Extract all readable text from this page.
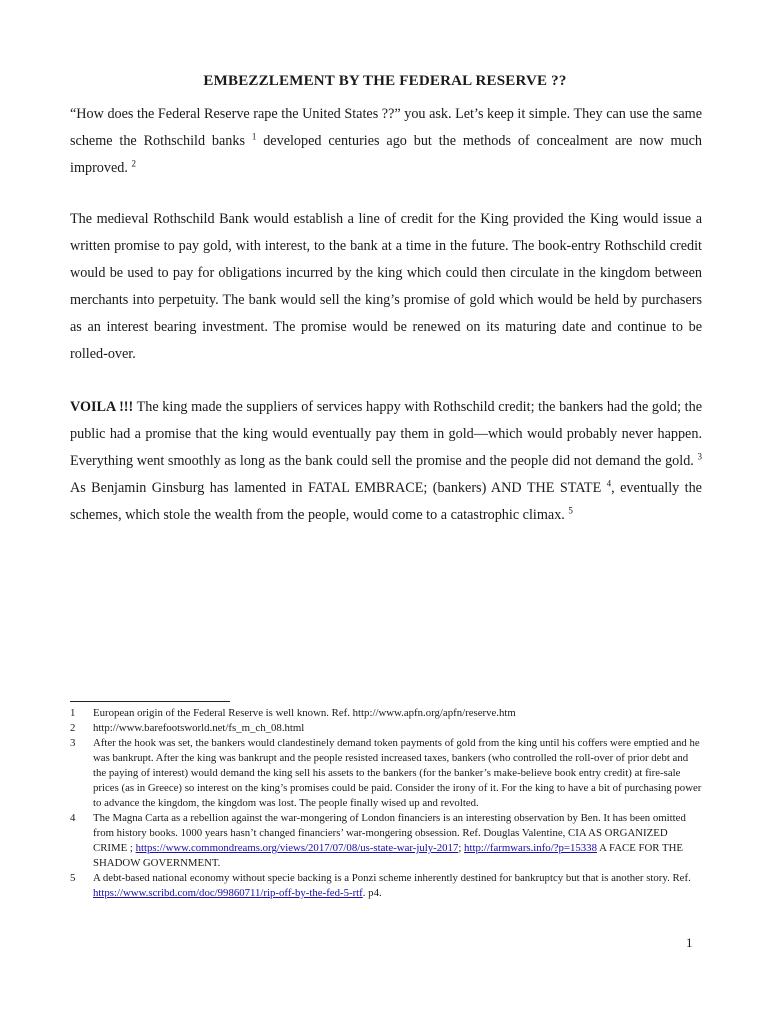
EMBEZZLEMENT BY THE FEDERAL RESERVE ??
“How does the Federal Reserve rape the United States ??” you ask. Let’s keep it simple. They can use the same scheme the Rothschild banks $^1$ developed centuries ago but the methods of concealment are now much improved. $^2$
The medieval Rothschild Bank would establish a line of credit for the King provided the King would issue a written promise to pay gold, with interest, to the bank at a time in the future. The book-entry Rothschild credit would be used to pay for obligations incurred by the king which could then circulate in the kingdom between merchants into perpetuity. The bank would sell the king’s promise of gold which would be held by purchasers as an interest bearing investment. The promise would be renewed on its maturing date and continue to be rolled-over.
VOILA !!! The king made the suppliers of services happy with Rothschild credit; the bankers had the gold; the public had a promise that the king would eventually pay them in gold—which would probably never happen. Everything went smoothly as long as the bank could sell the promise and the people did not demand the gold. $^3$ As Benjamin Ginsburg has lamented in FATAL EMBRACE; (bankers) AND THE STATE $^4$, eventually the schemes, which stole the wealth from the people, would come to a catastrophic climax. $^5$
1	European origin of the Federal Reserve is well known. Ref. http://www.apfn.org/apfn/reserve.htm
2	http://www.barefootsworld.net/fs_m_ch_08.html
3	After the hook was set, the bankers would clandestinely demand token payments of gold from the king until his coffers were emptied and he was bankrupt. After the king was bankrupt and the people resisted increased taxes, bankers (who controlled the roll-over of prior debt and the paying of interest) would demand the king sell his assets to the bankers (for the banker’s make-believe book entry credit) at fire-sale prices (as in Greece) so interest on the king’s promises could be paid. Consider the irony of it. For the king to have a bit of purchasing power to advance the kingdom, the kingdom was lost. The people finally wised up and revolted.
4	The Magna Carta as a rebellion against the war-mongering of London financiers is an interesting observation by Ben. It has been omitted from history books. 1000 years hasn’t changed financiers’ war-mongering obsession. Ref. Douglas Valentine, CIA AS ORGANIZED CRIME ; https://www.commondreams.org/views/2017/07/08/us-state-war-july-2017; http://farmwars.info/?p=15338 A FACE FOR THE SHADOW GOVERNMENT.
5	A debt-based national economy without specie backing is a Ponzi scheme inherently destined for bankruptcy but that is another story. Ref. https://www.scribd.com/doc/99860711/rip-off-by-the-fed-5-rtf. p4.
1
